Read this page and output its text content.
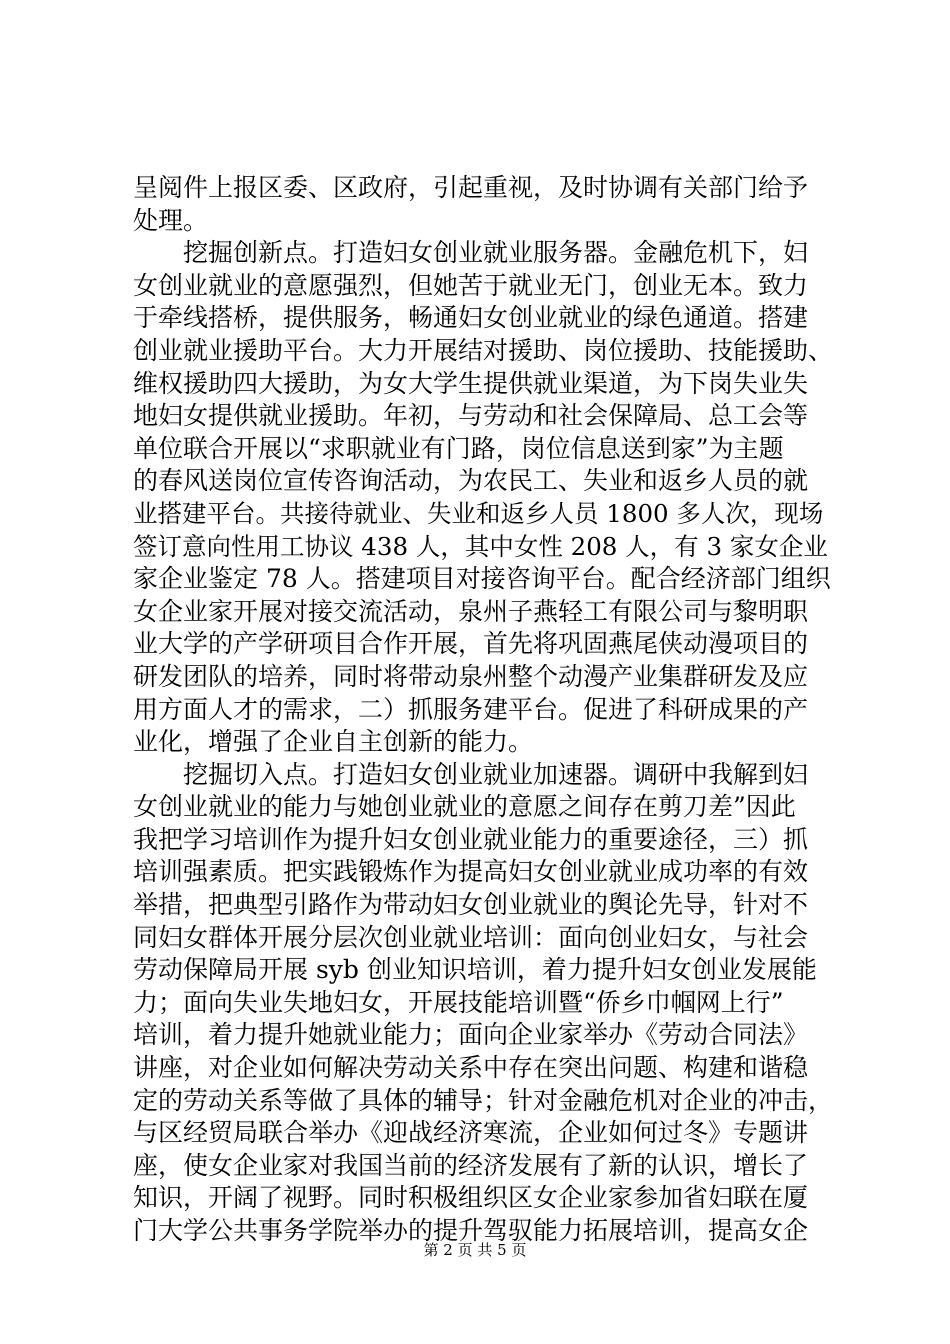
呈阅件上报区委、区政府，引起重视，及时协调有关部门给予
处理。
挖掘创新点。打造妇女创业就业服务器。金融危机下，妇
女创业就业的意愿强烈，但她苦于就业无门，创业无本。致力
于牵线搭桥，提供服务，畅通妇女创业就业的绿色通道。搭建
创业就业援助平台。大力开展结对援助、岗位援助、技能援助、
维权援助四大援助，为女大学生提供就业渠道，为下岗失业失
地妇女提供就业援助。年初，与劳动和社会保障局、总工会等
单位联合开展以“求职就业有门路，岗位信息送到家”为主题
的春风送岗位宣传咨询活动，为农民工、失业和返乡人员的就
业搭建平台。共接待就业、失业和返乡人员 1800 多人次，现场
签订意向性用工协议 438 人，其中女性 208 人，有 3 家女企业
家企业鉴定 78 人。搭建项目对接咨询平台。配合经济部门组织
女企业家开展对接交流活动，泉州子燕轻工有限公司与黎明职
业大学的产学研项目合作开展，首先将巩固燕尾侠动漫项目的
研发团队的培养，同时将带动泉州整个动漫产业集群研发及应
用方面人才的需求，二）抓服务建平台。促进了科研成果的产
业化，增强了企业自主创新的能力。
挖掘切入点。打造妇女创业就业加速器。调研中我解到妇
女创业就业的能力与她创业就业的意愿之间存在剪刀差”因此
我把学习培训作为提升妇女创业就业能力的重要途径，三）抓
培训强素质。把实践锻炼作为提高妇女创业就业成功率的有效
举措，把典型引路作为带动妇女创业就业的舆论先导，针对不
同妇女群体开展分层次创业就业培训：面向创业妇女，与社会
劳动保障局开展 syb 创业知识培训，着力提升妇女创业发展能
力；面向失业失地妇女，开展技能培训暨“侨乡巾帼网上行”
培训，着力提升她就业能力；面向企业家举办《劳动合同法》
讲座，对企业如何解决劳动关系中存在突出问题、构建和谐稳
定的劳动关系等做了具体的辅导；针对金融危机对企业的冲击，
与区经贸局联合举办《迎战经济寒流，企业如何过冬》专题讲
座，使女企业家对我国当前的经济发展有了新的认识，增长了
知识，开阔了视野。同时积极组织区女企业家参加省妇联在厦
门大学公共事务学院举办的提升驾驭能力拓展培训，提高女企
第 2 页 共 5 页
